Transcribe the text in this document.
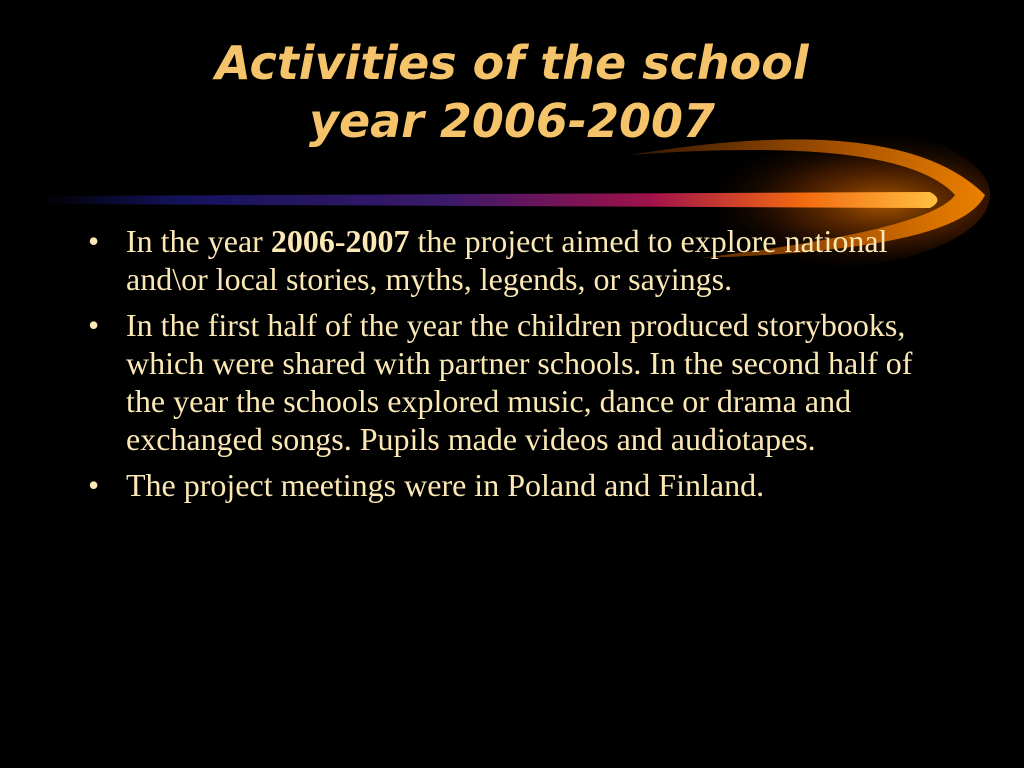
Activities of the school
year 2006-2007
• In the year 2006-2007 the project aimed to explore national and\or local stories, myths, legends, or sayings.
• In the first half of the year the children produced storybooks, which were shared with partner schools. In the second half of the year the schools explored music, dance or drama and exchanged songs. Pupils made videos and audiotapes.
• The project meetings were in Poland and Finland.
